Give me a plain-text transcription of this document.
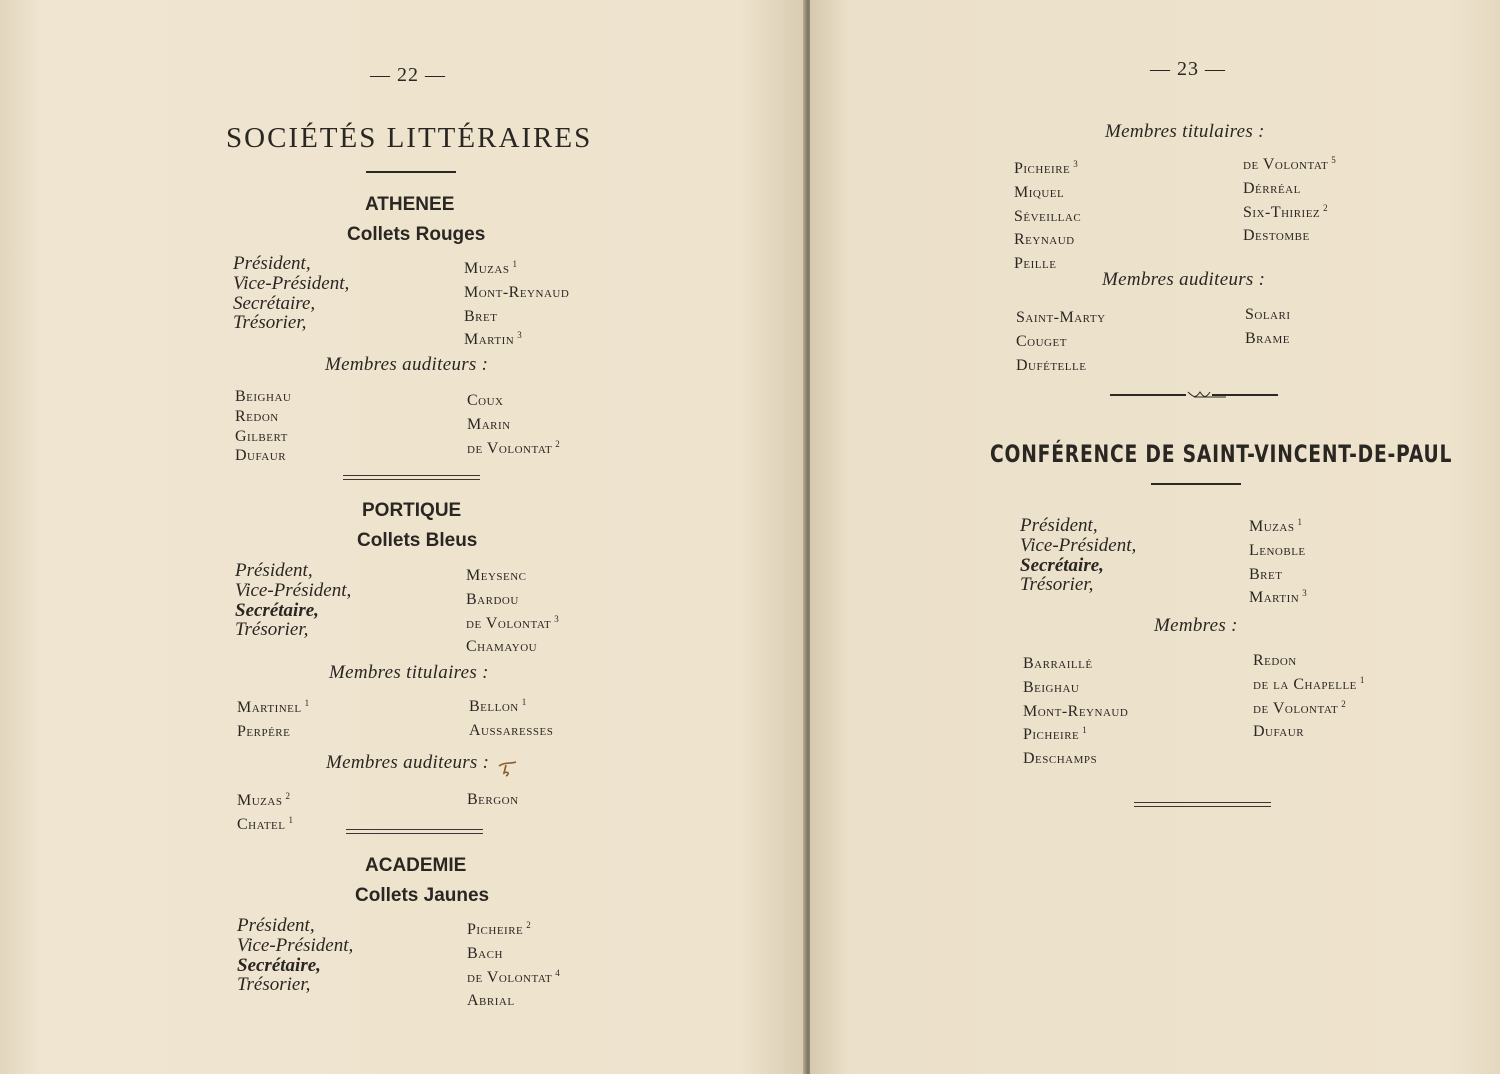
— 22 —
SOCIÉTÉS LITTÉRAIRES
ATHENEE
Collets Rouges
Président,
Vice-Président,
Secrétaire,
Trésorier,
Muzas $^1$
Mont-Reynaud
Bret
Martin $^3$
Membres auditeurs :
Beighau
Redon
Gilbert
Dufaur
Coux
Marin
de Volontat $^2$
PORTIQUE
Collets Bleus
Président,
Vice-Président,
Secrétaire,
Trésorier,
Meysenc
Bardou
de Volontat $^3$
Chamayou
Membres titulaires :
Martinel $^1$
Perpére
Bellon $^1$
Aussaresses
Membres auditeurs :
Muzas $^2$
Chatel $^1$
Bergon
ACADEMIE
Collets Jaunes
Président,
Vice-Président,
Secrétaire,
Trésorier,
Picheire $^2$
Bach
de Volontat $^4$
Abrial
— 23 —
Membres titulaires :
Picheire $^3$
Miquel
Séveillac
Reynaud
Peille
de Volontat $^5$
Dérréal
Six-Thiriez $^2$
Destombe
Membres auditeurs :
Saint-Marty
Couget
Dufételle
Solari
Brame
CONFÉRENCE DE SAINT-VINCENT-DE-PAUL
Président,
Vice-Président,
Secrétaire,
Trésorier,
Muzas $^1$
Lenoble
Bret
Martin $^3$
Membres :
Barraillé
Beighau
Mont-Reynaud
Picheire $^1$
Deschamps
Redon
de la Chapelle $^1$
de Volontat $^2$
Dufaur
